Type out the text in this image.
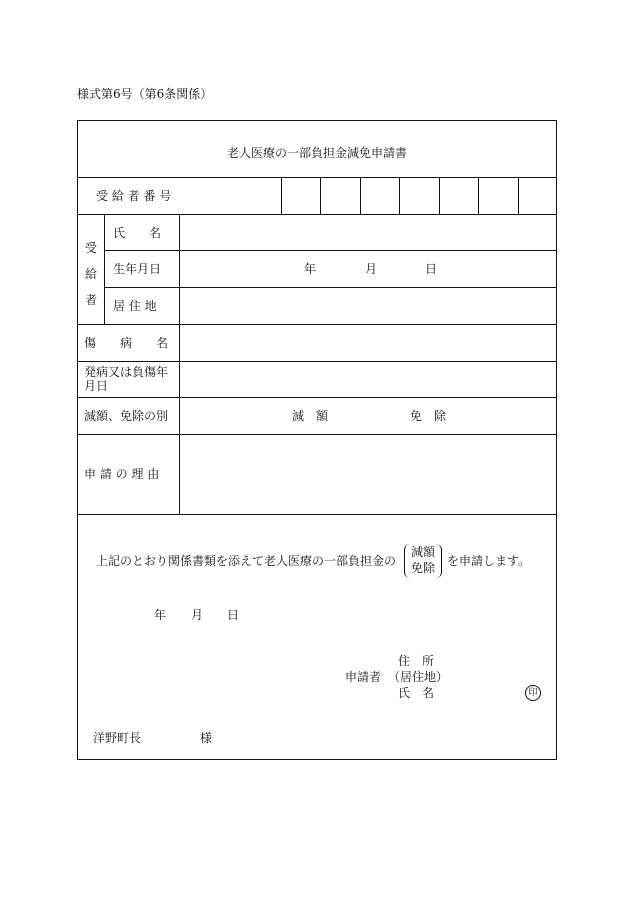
様式第6号（第6条関係）
老人医療の一部負担金減免申請書
受 給 者 番 号
受給者
氏　　名
生年月日	年	月	日
居 住 地
傷　　病　　名
発病又は負傷年月日
減額、免除の別	減　額	免　除
申 請 の 理 由
上記のとおり関係書類を添えて老人医療の一部負担金の
減額
免除	を申請します。
年 月 日
住　所
申請者 （居住地）
氏　名	印
洋野町長	様
